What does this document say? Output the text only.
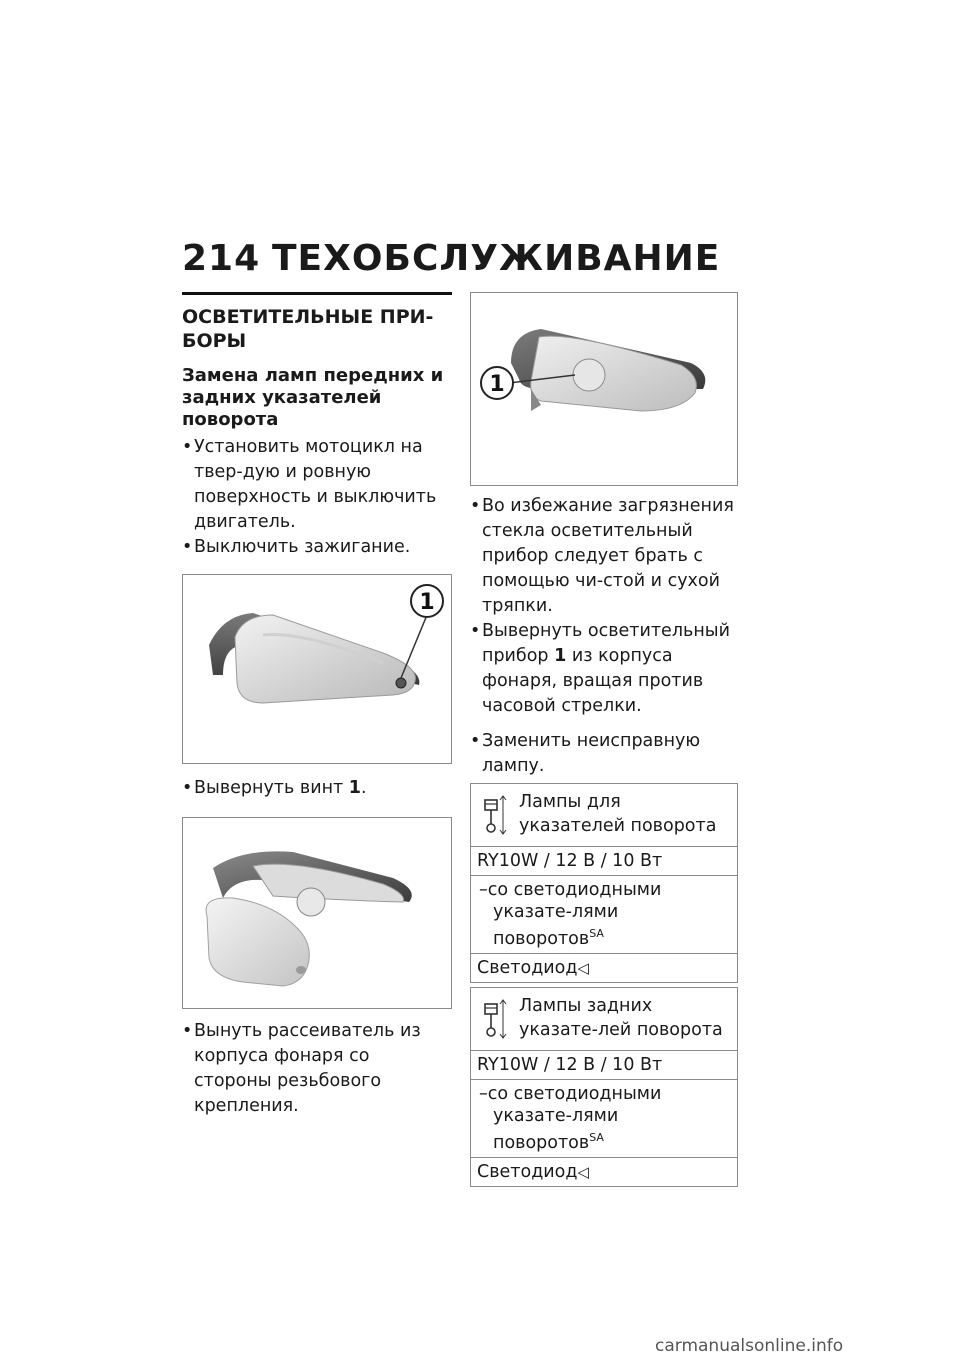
214 ТЕХОБСЛУЖИВАНИЕ
ОСВЕТИТЕЛЬНЫЕ ПРИ-БОРЫ
Замена ламп передних и задних указателей поворота

• Установить мотоцикл на твер-дую и ровную поверхность и выключить двигатель.

• Выключить зажигание.

1

• Вывернуть винт 1.

• Вынуть рассеиватель из корпуса фонаря со стороны резьбового крепления.

1

• Во избежание загрязнения стекла осветительный прибор следует брать с помощью чи-стой и сухой тряпки.

• Вывернуть осветительный прибор 1 из корпуса фонаря, вращая против часовой стрелки.

• Заменить неисправную лампу.

Лампы для указателей поворота
RY10W / 12 В / 10 Вт
–со светодиодными указате-лями поворотов$^{SA}$
Светодиод◁
Лампы задних указате-лей поворота
RY10W / 12 В / 10 Вт
–со светодиодными указате-лями поворотов$^{SA}$
Светодиод◁
carmanualsonline.info
